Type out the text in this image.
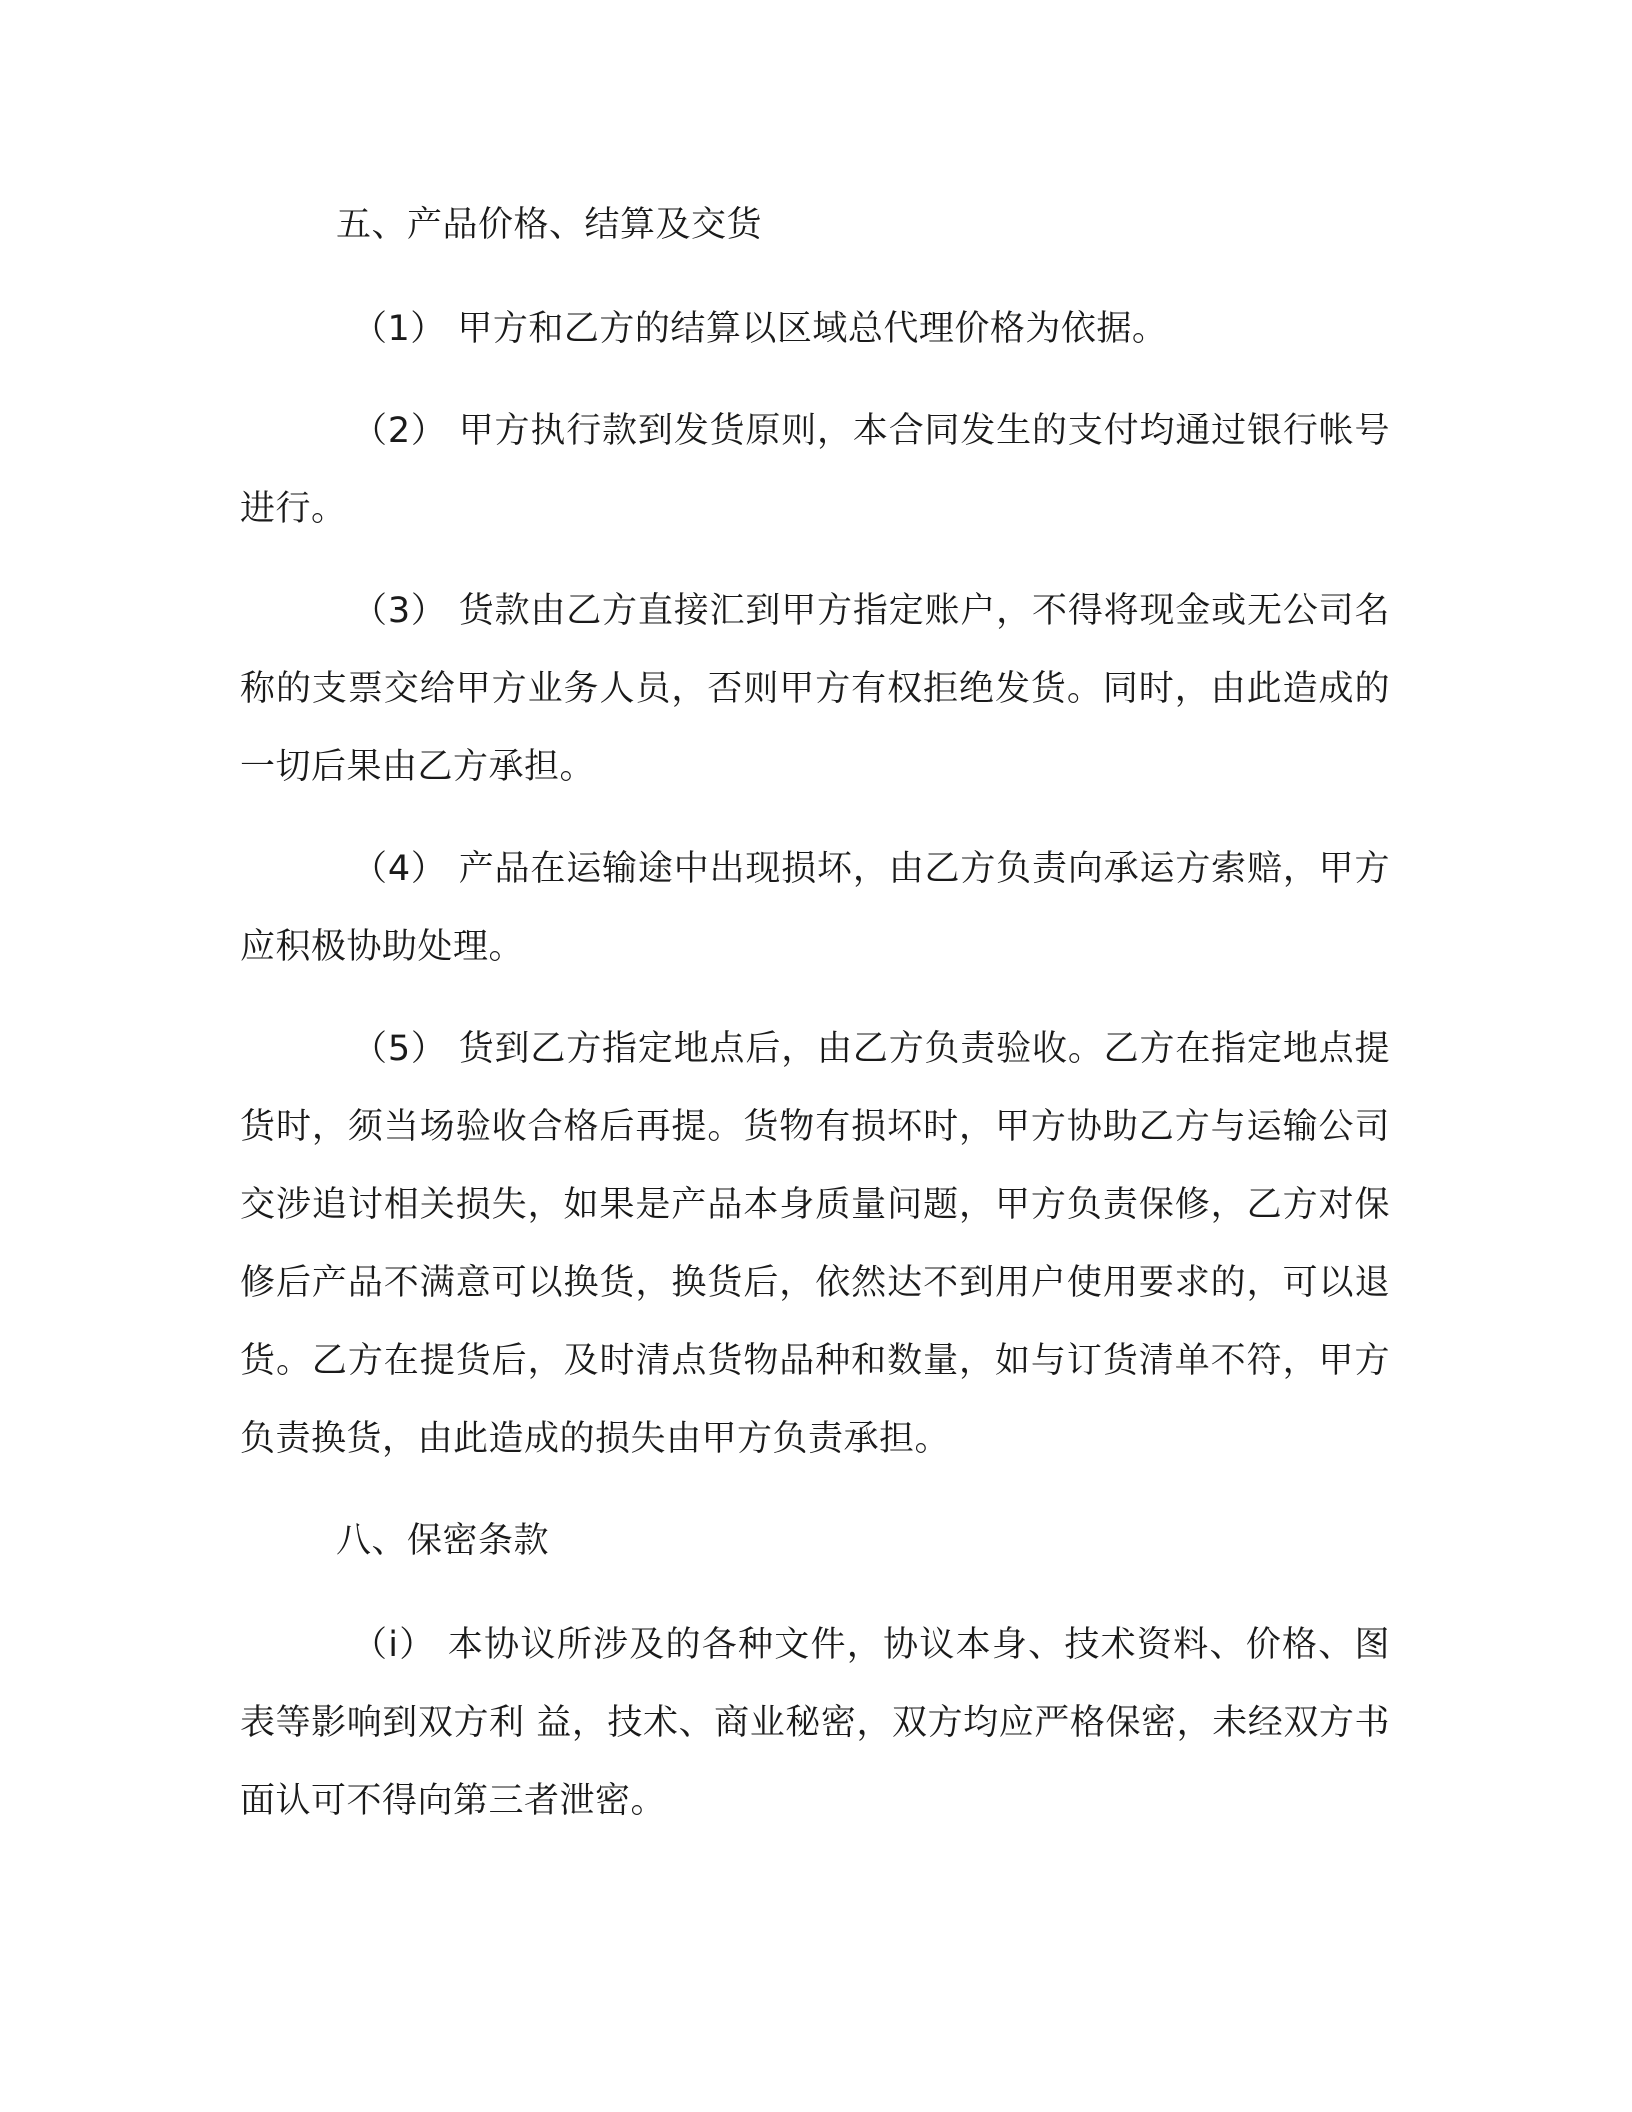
五、产品价格、结算及交货

（1） 甲方和乙方的结算以区域总代理价格为依据。

（2） 甲方执行款到发货原则，本合同发生的支付均通过银行帐号进行。

（3） 货款由乙方直接汇到甲方指定账户，不得将现金或无公司名称的支票交给甲方业务人员，否则甲方有权拒绝发货。同时，由此造成的一切后果由乙方承担。

（4） 产品在运输途中出现损坏，由乙方负责向承运方索赔，甲方应积极协助处理。

（5） 货到乙方指定地点后，由乙方负责验收。乙方在指定地点提货时，须当场验收合格后再提。货物有损坏时，甲方协助乙方与运输公司交涉追讨相关损失，如果是产品本身质量问题，甲方负责保修，乙方对保修后产品不满意可以换货，换货后，依然达不到用户使用要求的，可以退货。乙方在提货后，及时清点货物品种和数量，如与订货清单不符，甲方负责换货，由此造成的损失由甲方负责承担。

八、保密条款

（ⅰ） 本协议所涉及的各种文件，协议本身、技术资料、价格、图表等影响到双方利 益，技术、商业秘密，双方均应严格保密，未经双方书面认可不得向第三者泄密。
